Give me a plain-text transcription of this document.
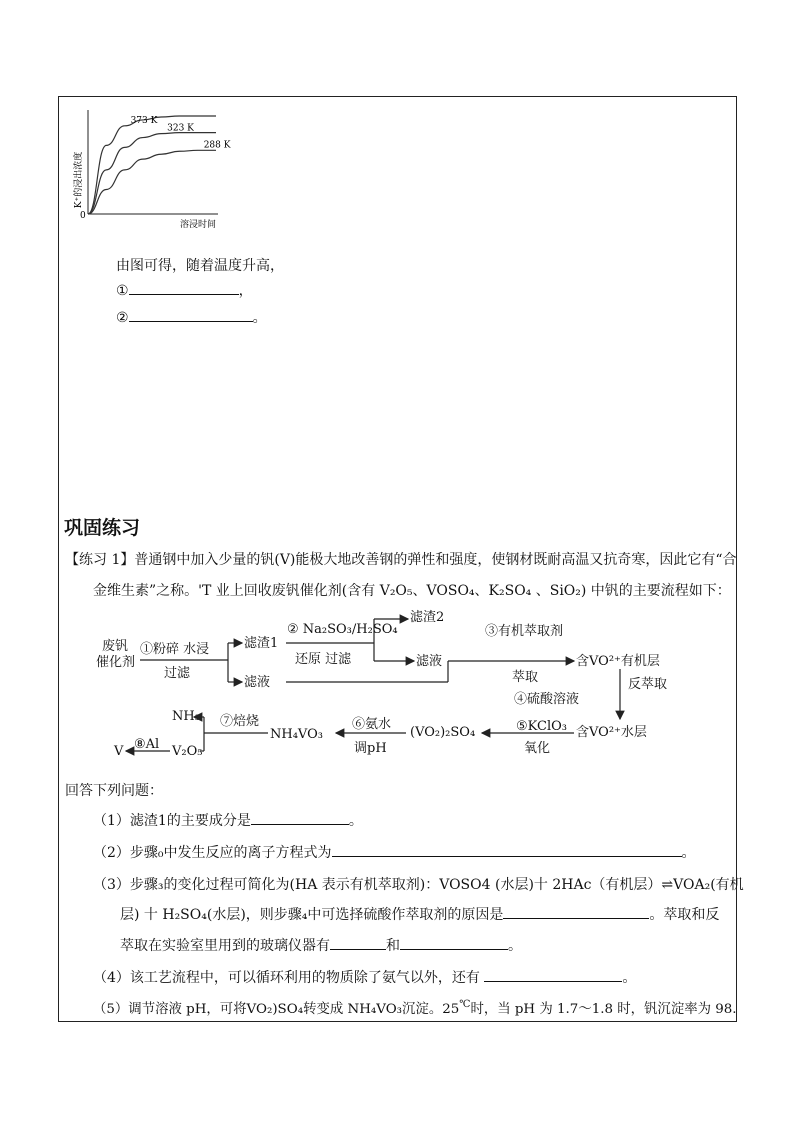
K⁺的浸出浓度
0
溶浸时间
373 K
323 K
288 K
由图可得，随着温度升高，
①	，
②	。
巩固练习
【练习 1】普通钢中加入少量的钒(V)能极大地改善钢的弹性和强度，使钢材既耐高温又抗奇寒，因此它有“合
金维生素”之称。'T 业上回收废钒催化剂(含有 V₂O₅、VOSO₄、K₂SO₄ 、SiO₂) 中钒的主要流程如下：
废钒
催化剂
①粉碎 水浸
过滤
滤渣1
② Na₂SO₃/H₂SO₄
还原 过滤
滤渣2
滤液
滤液
③有机萃取剂
萃取
含VO²⁺有机层
④硫酸溶液
反萃取
含VO²⁺水层
⑤KClO₃
氧化
(VO₂)₂SO₄
⑥氨水
调pH
NH₄VO₃
⑦焙烧
NH₃
V₂O₅
⑧Al
V
回答下列问题：
（1）滤渣1的主要成分是	。
（2）步骤₀中发生反应的离子方程式为	。
（3）步骤₃的变化过程可简化为(HA 表示有机萃取剂)：VOSO4 (水层)十 2HAc（有机层）⇌VOA₂(有机
层) 十 H₂SO₄(水层)，则步骤₄中可选择硫酸作萃取剂的原因是	。萃取和反
萃取在实验室里用到的玻璃仪器有	和	。
（4）该工艺流程中，可以循环利用的物质除了氨气以外，还有	。
（5）调节溶液 pH，可将VO₂)SO₄转变成 NH₄VO₃沉淀。25℃时，当 pH 为 1.7～1.8 时，钒沉淀率为 98.
